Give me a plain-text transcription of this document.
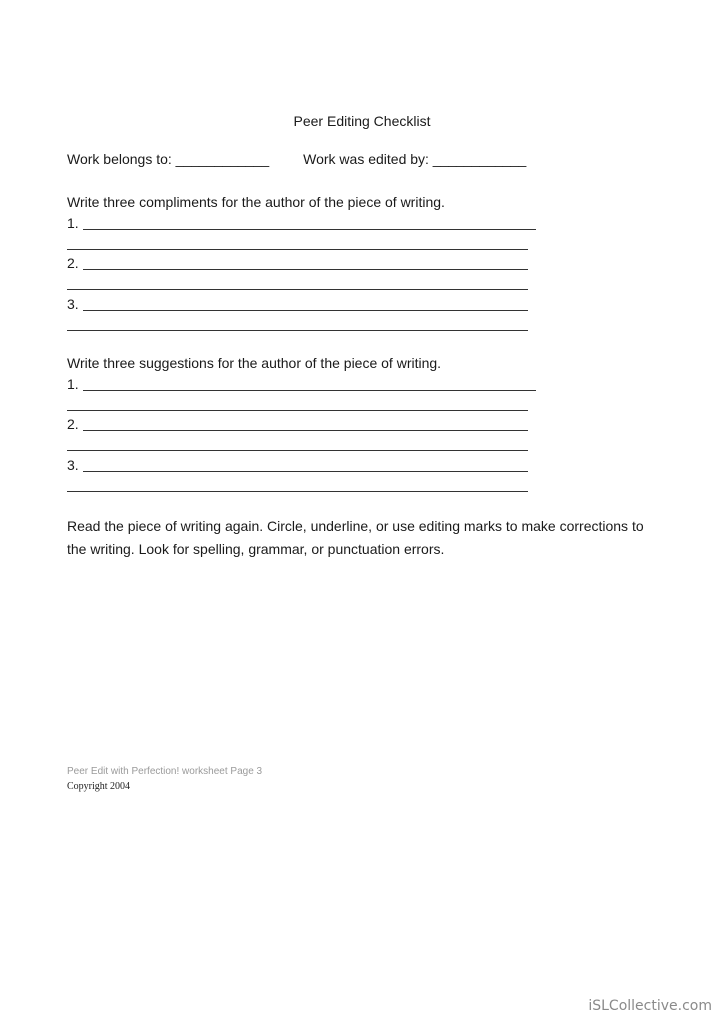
Peer Editing Checklist
Work belongs to: ____________ Work was edited by: ____________
Write three compliments for the author of the piece of writing.
1.
2.
3.
Write three suggestions for the author of the piece of writing.
1.
2.
3.
Read the piece of writing again. Circle, underline, or use editing marks to make corrections to the writing. Look for spelling, grammar, or punctuation errors.
Peer Edit with Perfection! worksheet Page 3
Copyright 2004
iSLCollective.com
